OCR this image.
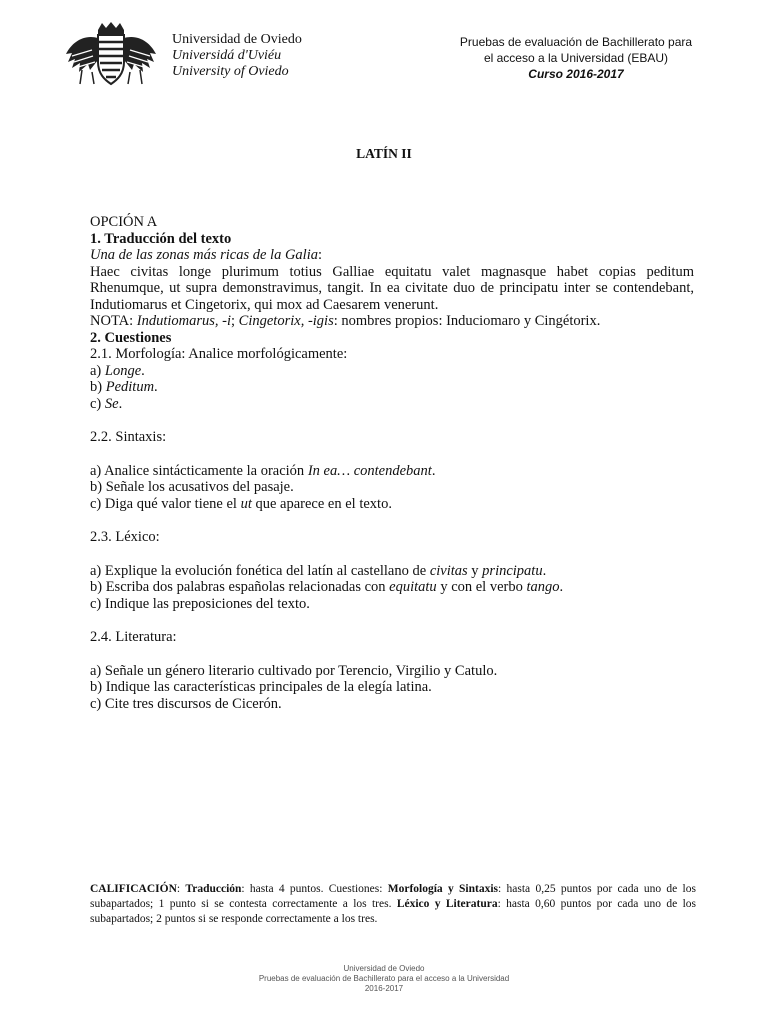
Universidad de Oviedo
Universidá d'Uviéu
University of Oviedo
Pruebas de evaluación de Bachillerato para
el acceso a la Universidad (EBAU)
Curso 2016-2017
LATÍN II

OPCIÓN A

1. Traducción del texto

Una de las zonas más ricas de la Galia:

Haec civitas longe plurimum totius Galliae equitatu valet magnasque habet copias peditum Rhenumque, ut supra demonstravimus, tangit. In ea civitate duo de principatu inter se contendebant, Indutiomarus et Cingetorix, qui mox ad Caesarem venerunt.

NOTA: Indutiomarus, -i; Cingetorix, -igis: nombres propios: Induciomaro y Cingétorix.

2. Cuestiones

2.1. Morfología: Analice morfológicamente:

a) Longe.

b) Peditum.

c) Se.

2.2. Sintaxis:

a) Analice sintácticamente la oración In ea… contendebant.

b) Señale los acusativos del pasaje.

c) Diga qué valor tiene el ut que aparece en el texto.

2.3. Léxico:

a) Explique la evolución fonética del latín al castellano de civitas y principatu.

b) Escriba dos palabras españolas relacionadas con equitatu y con el verbo tango.

c) Indique las preposiciones del texto.

2.4. Literatura:

a) Señale un género literario cultivado por Terencio, Virgilio y Catulo.

b) Indique las características principales de la elegía latina.

c) Cite tres discursos de Cicerón.

CALIFICACIÓN: Traducción: hasta 4 puntos. Cuestiones: Morfología y Sintaxis: hasta 0,25 puntos por cada uno de los subapartados; 1 punto si se contesta correctamente a los tres. Léxico y Literatura: hasta 0,60 puntos por cada uno de los subapartados; 2 puntos si se responde correctamente a los tres.
Universidad de Oviedo
Pruebas de evaluación de Bachillerato para el acceso a la Universidad
2016-2017
